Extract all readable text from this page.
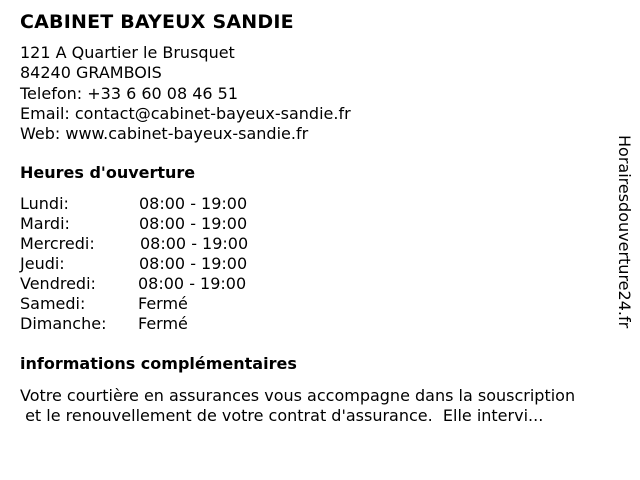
CABINET BAYEUX SANDIE
121 A Quartier le Brusquet
84240 GRAMBOIS
Telefon: +33 6 60 08 46 51
Email: contact@cabinet-bayeux-sandie.fr
Web: www.cabinet-bayeux-sandie.fr
Heures d'ouverture

Lundi:

	08:00 - 19:00

Mardi:

	08:00 - 19:00

Mercredi:

	08:00 - 19:00

Jeudi:

	08:00 - 19:00

Vendredi:

	08:00 - 19:00

Samedi:

	Fermé

Dimanche:

Fermé

informations complémentaires
Votre courtière en assurances vous accompagne dans la souscription
et le renouvellement de votre contrat d'assurance.  Elle intervi...
Horairesdouverture24.fr
